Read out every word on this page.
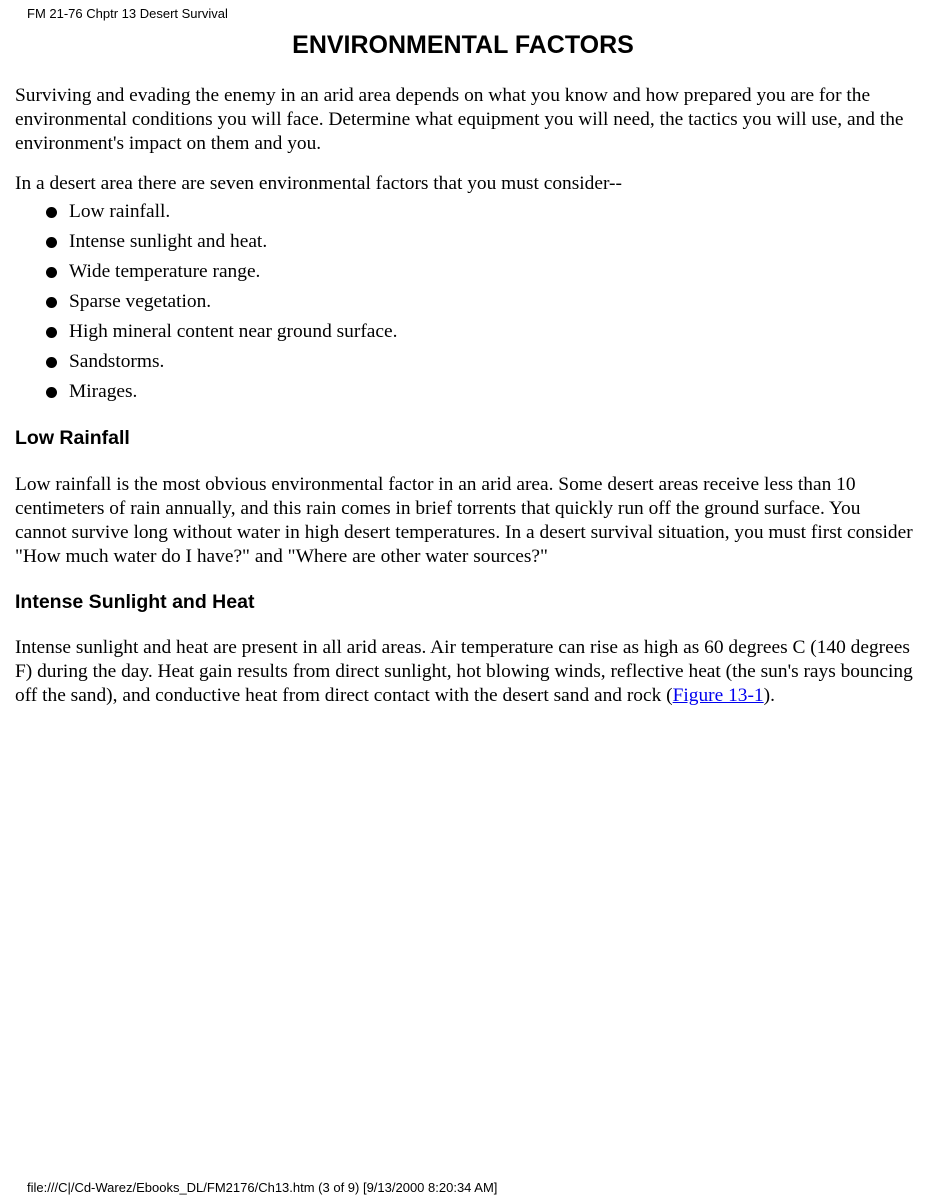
FM 21-76 Chptr 13 Desert Survival
ENVIRONMENTAL FACTORS

Surviving and evading the enemy in an arid area depends on what you know and how prepared you are for the environmental conditions you will face. Determine what equipment you will need, the tactics you will use, and the environment's impact on them and you.

In a desert area there are seven environmental factors that you must consider--

Low rainfall.
Intense sunlight and heat.
Wide temperature range.
Sparse vegetation.
High mineral content near ground surface.
Sandstorms.
Mirages.
Low Rainfall

Low rainfall is the most obvious environmental factor in an arid area. Some desert areas receive less than 10 centimeters of rain annually, and this rain comes in brief torrents that quickly run off the ground surface. You cannot survive long without water in high desert temperatures. In a desert survival situation, you must first consider "How much water do I have?" and "Where are other water sources?"

Intense Sunlight and Heat

Intense sunlight and heat are present in all arid areas. Air temperature can rise as high as 60 degrees C (140 degrees F) during the day. Heat gain results from direct sunlight, hot blowing winds, reflective heat (the sun's rays bouncing off the sand), and conductive heat from direct contact with the desert sand and rock (Figure 13-1).

file:///C|/Cd-Warez/Ebooks_DL/FM2176/Ch13.htm (3 of 9) [9/13/2000 8:20:34 AM]
